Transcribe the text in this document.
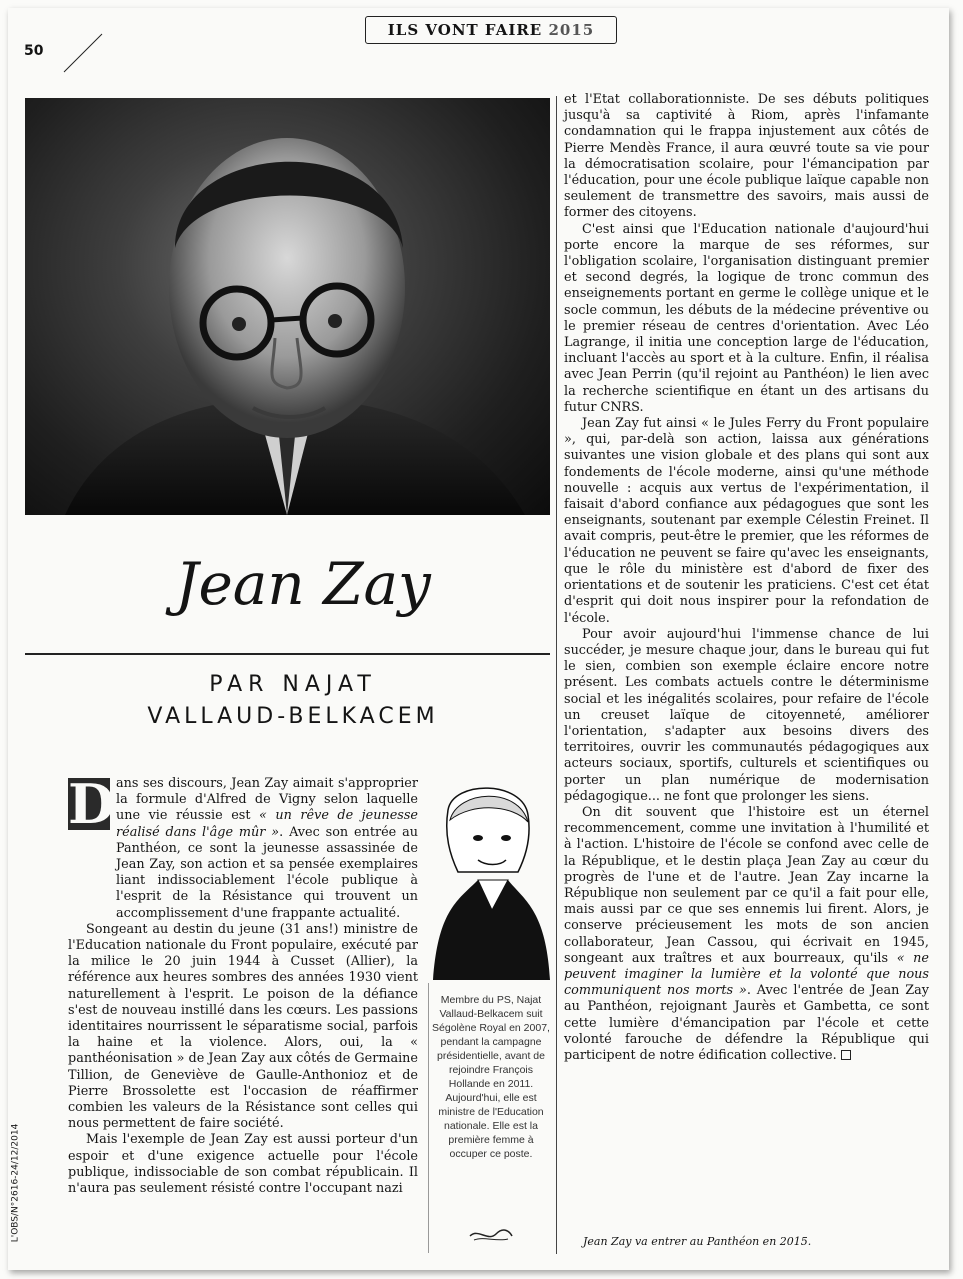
50
ILS VONT FAIRE 2015
Jean Zay
PAR NAJAT
VALLAUD-BELKACEM
D ans ses discours, Jean Zay aimait s'approprier la formule d'Alfred de Vigny selon laquelle une vie réussie est « un rêve de jeunesse réalisé dans l'âge mûr ». Avec son entrée au Panthéon, ce sont la jeunesse assassinée de Jean Zay, son action et sa pensée exemplaires liant indissociablement l'école publique à l'esprit de la Résistance qui trouvent un accomplissement d'une frappante actualité.

Songeant au destin du jeune (31 ans!) ministre de l'Education nationale du Front populaire, exécuté par la milice le 20 juin 1944 à Cusset (Allier), la référence aux heures sombres des années 1930 vient naturellement à l'esprit. Le poison de la défiance s'est de nouveau instillé dans les cœurs. Les passions identitaires nourrissent le séparatisme social, parfois la haine et la violence. Alors, oui, la « panthéonisation » de Jean Zay aux côtés de Germaine Tillion, de Geneviève de Gaulle-Anthonioz et de Pierre Brossolette est l'occasion de réaffirmer combien les valeurs de la Résistance sont celles qui nous permettent de faire société.

Mais l'exemple de Jean Zay est aussi porteur d'un espoir et d'une exigence actuelle pour l'école publique, indissociable de son combat républicain. Il n'aura pas seulement résisté contre l'occupant nazi

Membre du PS, Najat Vallaud-Belkacem suit Ségolène Royal en 2007, pendant la campagne présidentielle, avant de rejoindre François Hollande en 2011. Aujourd'hui, elle est ministre de l'Education nationale. Elle est la première femme à occuper ce poste.

et l'Etat collaborationniste. De ses débuts politiques jusqu'à sa captivité à Riom, après l'infamante condamnation qui le frappa injustement aux côtés de Pierre Mendès France, il aura œuvré toute sa vie pour la démocratisation scolaire, pour l'émancipation par l'éducation, pour une école publique laïque capable non seulement de transmettre des savoirs, mais aussi de former des citoyens.

C'est ainsi que l'Education nationale d'aujourd'hui porte encore la marque de ses réformes, sur l'obligation scolaire, l'organisation distinguant premier et second degrés, la logique de tronc commun des enseignements portant en germe le collège unique et le socle commun, les débuts de la médecine préventive ou le premier réseau de centres d'orientation. Avec Léo Lagrange, il initia une conception large de l'éducation, incluant l'accès au sport et à la culture. Enfin, il réalisa avec Jean Perrin (qu'il rejoint au Panthéon) le lien avec la recherche scientifique en étant un des artisans du futur CNRS.

Jean Zay fut ainsi « le Jules Ferry du Front populaire », qui, par-delà son action, laissa aux générations suivantes une vision globale et des plans qui sont aux fondements de l'école moderne, ainsi qu'une méthode nouvelle : acquis aux vertus de l'expérimentation, il faisait d'abord confiance aux pédagogues que sont les enseignants, soutenant par exemple Célestin Freinet. Il avait compris, peut-être le premier, que les réformes de l'éducation ne peuvent se faire qu'avec les enseignants, que le rôle du ministère est d'abord de fixer des orientations et de soutenir les praticiens. C'est cet état d'esprit qui doit nous inspirer pour la refondation de l'école.

Pour avoir aujourd'hui l'immense chance de lui succéder, je mesure chaque jour, dans le bureau qui fut le sien, combien son exemple éclaire encore notre présent. Les combats actuels contre le déterminisme social et les inégalités scolaires, pour refaire de l'école un creuset laïque de citoyenneté, améliorer l'orientation, s'adapter aux besoins divers des territoires, ouvrir les communautés pédagogiques aux acteurs sociaux, sportifs, culturels et scientifiques ou porter un plan numérique de modernisation pédagogique... ne font que prolonger les siens.

On dit souvent que l'histoire est un éternel recommencement, comme une invitation à l'humilité et à l'action. L'histoire de l'école se confond avec celle de la République, et le destin plaça Jean Zay au cœur du progrès de l'une et de l'autre. Jean Zay incarne la République non seulement par ce qu'il a fait pour elle, mais aussi par ce que ses ennemis lui firent. Alors, je conserve précieusement les mots de son ancien collaborateur, Jean Cassou, qui écrivait en 1945, songeant aux traîtres et aux bourreaux, qu'ils « ne peuvent imaginer la lumière et la volonté que nous communiquent nos morts ». Avec l'entrée de Jean Zay au Panthéon, rejoignant Jaurès et Gambetta, ce sont cette lumière d'émancipation par l'école et cette volonté farouche de défendre la République qui participent de notre édification collective.

Jean Zay va entrer au Panthéon en 2015.
L'OBS/N°2616-24/12/2014
